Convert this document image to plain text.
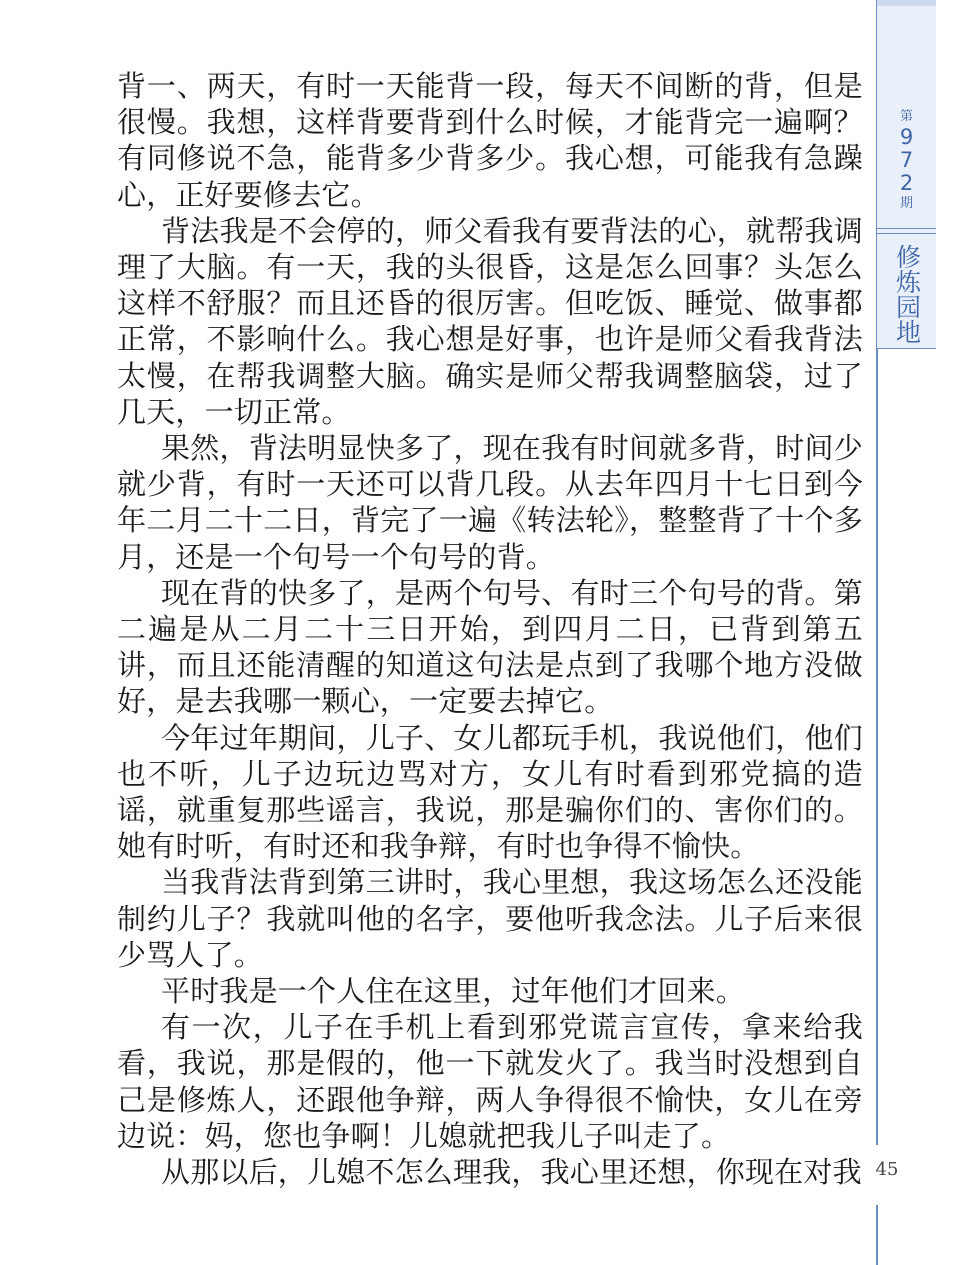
第
9
7
2
期
修炼园地
45

背一、两天，有时一天能背一段，每天不间断的背，但是很慢。我想，这样背要背到什么时候，才能背完一遍啊？有同修说不急，能背多少背多少。我心想，可能我有急躁心，正好要修去它。

背法我是不会停的，师父看我有要背法的心，就帮我调理了大脑。有一天，我的头很昏，这是怎么回事？头怎么这样不舒服？而且还昏的很厉害。但吃饭、睡觉、做事都正常，不影响什么。我心想是好事，也许是师父看我背法太慢，在帮我调整大脑。确实是师父帮我调整脑袋，过了几天，一切正常。

果然，背法明显快多了，现在我有时间就多背，时间少就少背，有时一天还可以背几段。从去年四月十七日到今年二月二十二日，背完了一遍《转法轮》，整整背了十个多月，还是一个句号一个句号的背。

现在背的快多了，是两个句号、有时三个句号的背。第二遍是从二月二十三日开始，到四月二日，已背到第五讲，而且还能清醒的知道这句法是点到了我哪个地方没做好，是去我哪一颗心，一定要去掉它。

今年过年期间，儿子、女儿都玩手机，我说他们，他们也不听，儿子边玩边骂对方，女儿有时看到邪党搞的造谣，就重复那些谣言，我说，那是骗你们的、害你们的。她有时听，有时还和我争辩，有时也争得不愉快。

当我背法背到第三讲时，我心里想，我这场怎么还没能制约儿子？我就叫他的名字，要他听我念法。儿子后来很少骂人了。

平时我是一个人住在这里，过年他们才回来。

有一次，儿子在手机上看到邪党谎言宣传，拿来给我看，我说，那是假的，他一下就发火了。我当时没想到自己是修炼人，还跟他争辩，两人争得很不愉快，女儿在旁边说：妈，您也争啊！儿媳就把我儿子叫走了。

从那以后，儿媳不怎么理我，我心里还想，你现在对我
